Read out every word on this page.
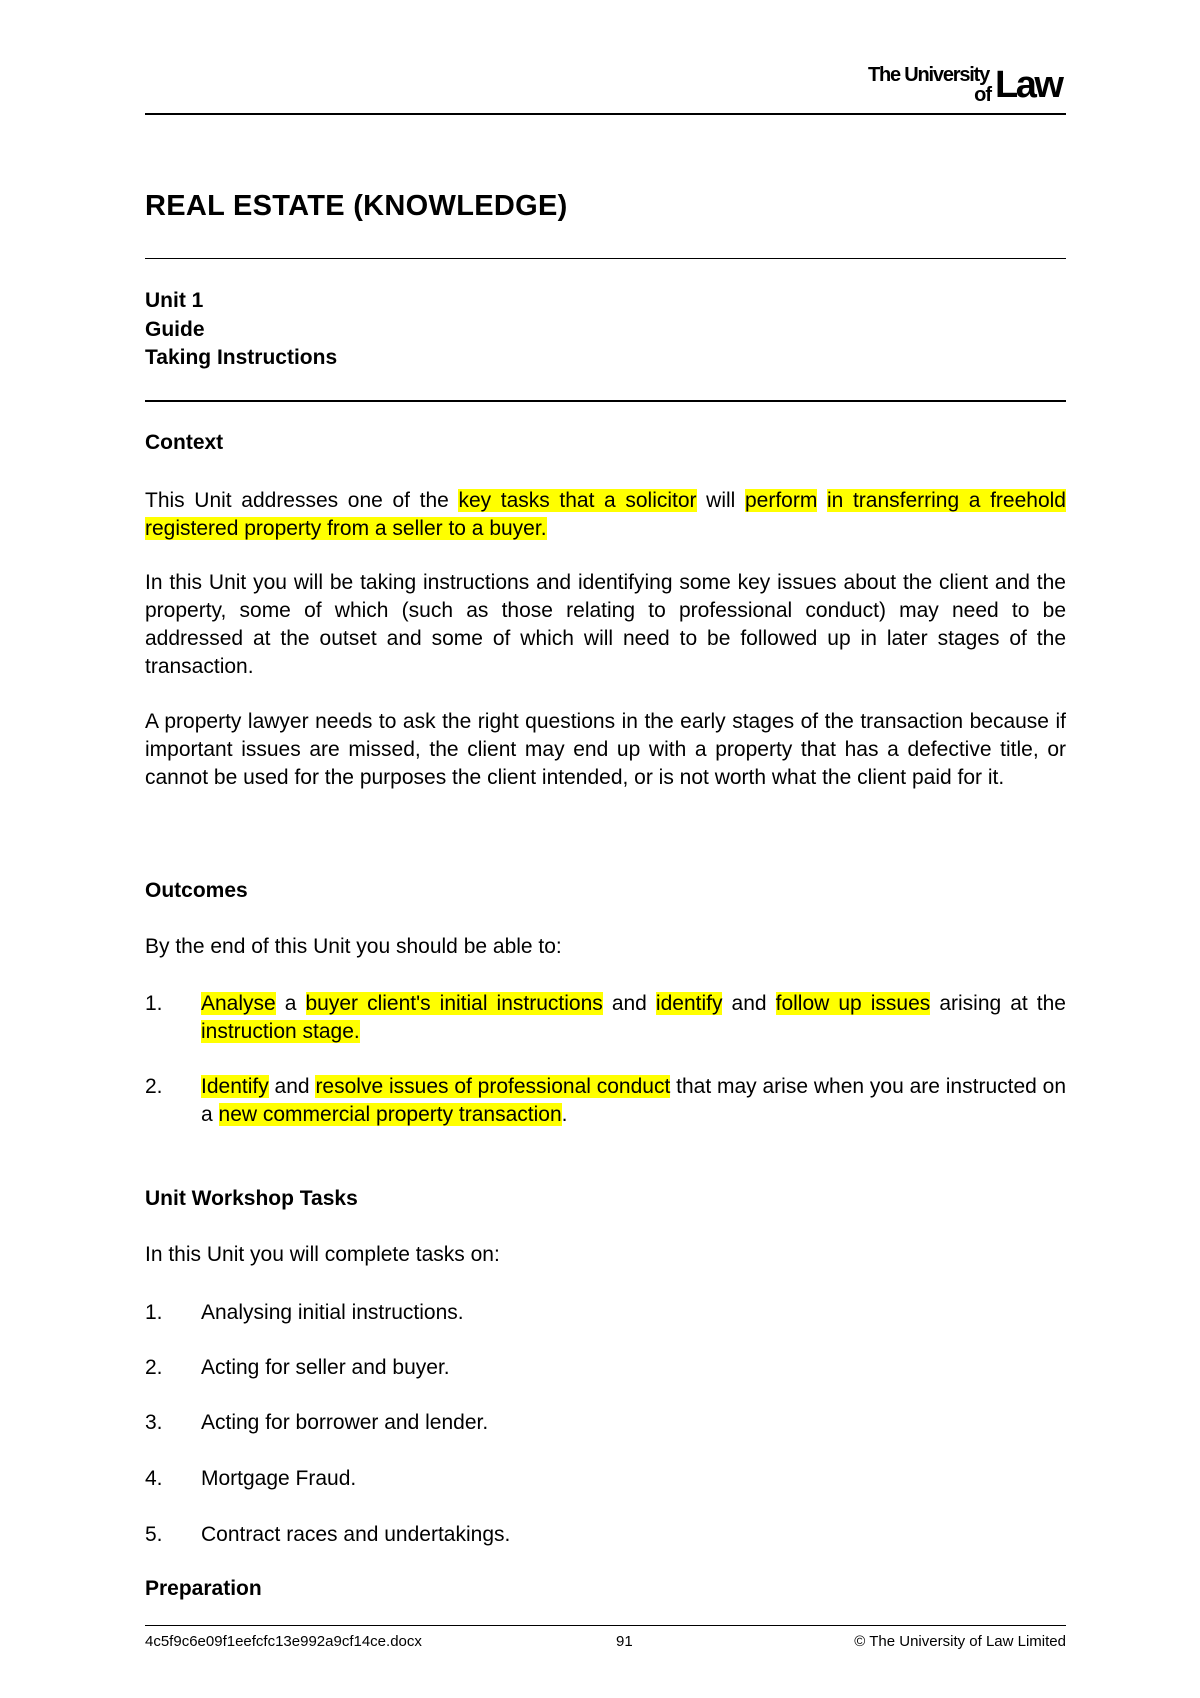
The University
of Law
REAL ESTATE (KNOWLEDGE)
Unit 1
Guide
Taking Instructions
Context
This Unit addresses one of the key tasks that a solicitor will perform in transferring a freehold registered property from a seller to a buyer.
In this Unit you will be taking instructions and identifying some key issues about the client and the property, some of which (such as those relating to professional conduct) may need to be addressed at the outset and some of which will need to be followed up in later stages of the transaction.
A property lawyer needs to ask the right questions in the early stages of the transaction because if important issues are missed, the client may end up with a property that has a defective title, or cannot be used for the purposes the client intended, or is not worth what the client paid for it.
Outcomes
By the end of this Unit you should be able to:
1. Analyse a buyer client's initial instructions and identify and follow up issues arising at the instruction stage.
2. Identify and resolve issues of professional conduct that may arise when you are instructed on a new commercial property transaction.
Unit Workshop Tasks
In this Unit you will complete tasks on:
1. Analysing initial instructions.
2. Acting for seller and buyer.
3. Acting for borrower and lender.
4. Mortgage Fraud.
5. Contract races and undertakings.
Preparation
4c5f9c6e09f1eefcfc13e992a9cf14ce.docx	91	© The University of Law Limited
